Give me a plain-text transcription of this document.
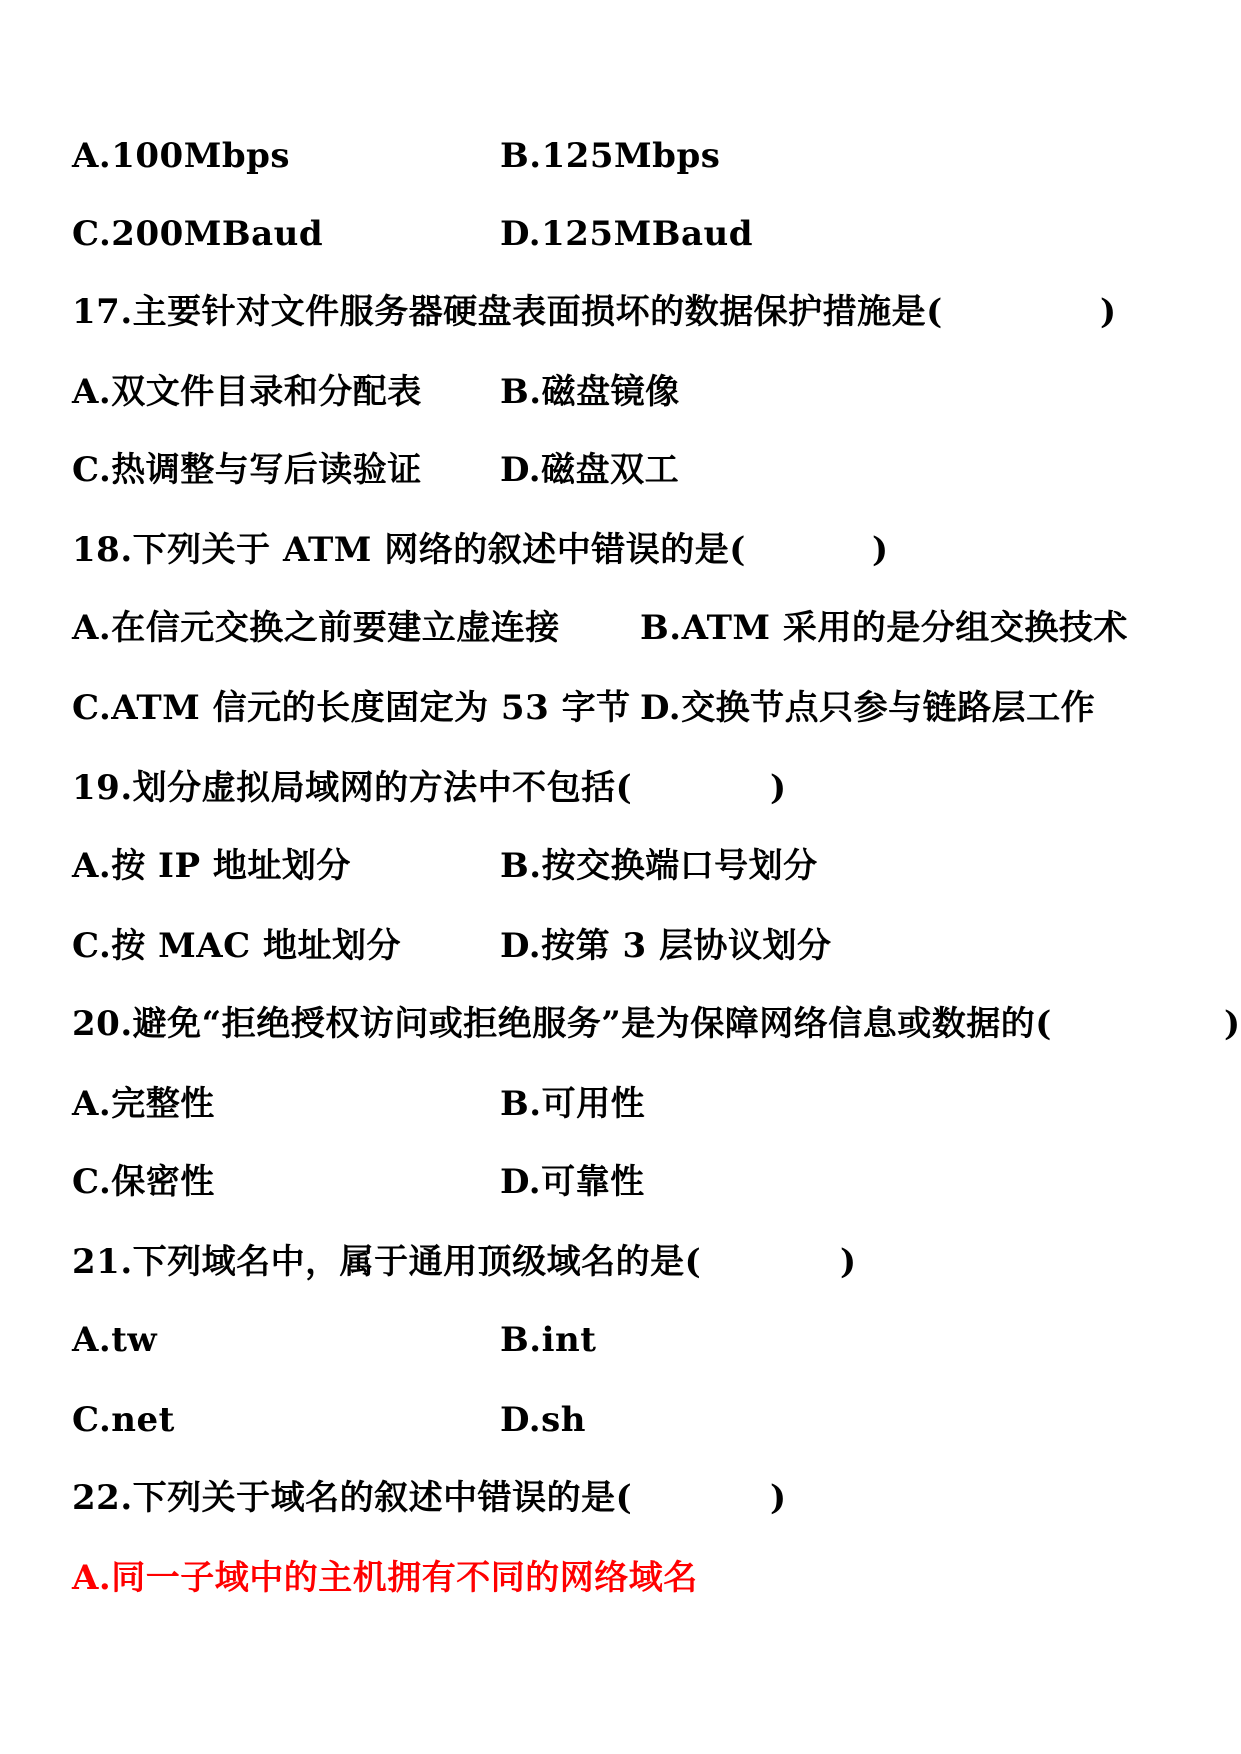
A.100Mbps	B.125Mbps
C.200MBaud	D.125MBaud
17.主要针对文件服务器硬盘表面损坏的数据保护措施是(	)
A.双文件目录和分配表 B.磁盘镜像
C.热调整与写后读验证 D.磁盘双工
18.下列关于 ATM 网络的叙述中错误的是(	)
A.在信元交换之前要建立虚连接 B.ATM 采用的是分组交换技术
C.ATM 信元的长度固定为 53 字节 D.交换节点只参与链路层工作
19.划分虚拟局域网的方法中不包括(	)
A.按 IP 地址划分	B.按交换端口号划分
C.按 MAC 地址划分	D.按第 3 层协议划分
20.避免“拒绝授权访问或拒绝服务”是为保障网络信息或数据的(	)
A.完整性	B.可用性
C.保密性	D.可靠性
21.下列域名中，属于通用顶级域名的是(	)
A.tw	B.int
C.net	D.sh
22.下列关于域名的叙述中错误的是(	)
A.同一子域中的主机拥有不同的网络域名
